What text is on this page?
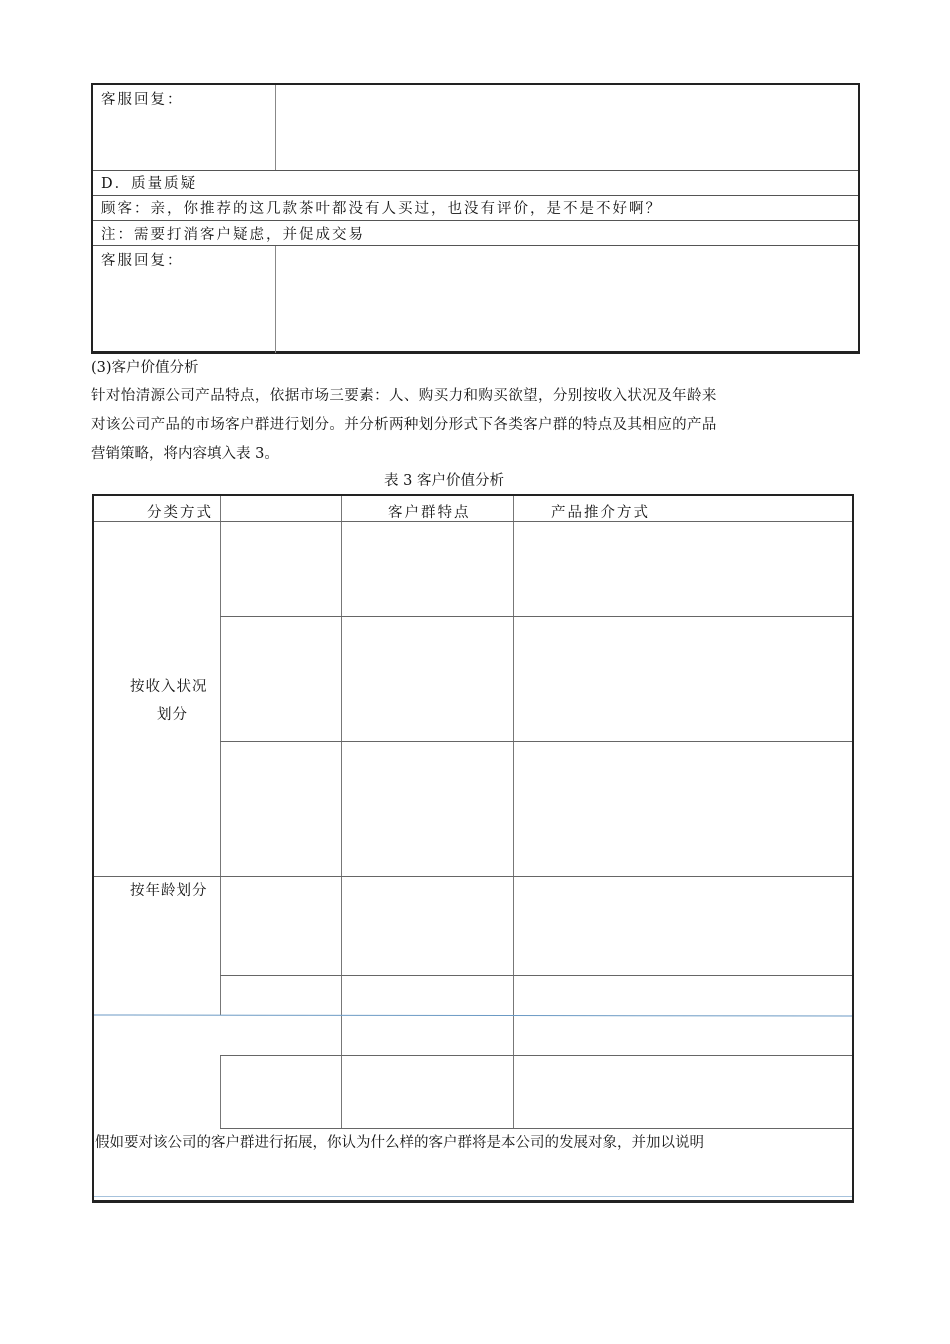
客服回复：
D．质量质疑
顾客：亲，你推荐的这几款茶叶都没有人买过，也没有评价，是不是不好啊？
注：需要打消客户疑虑，并促成交易
客服回复：
(3)客户价值分析
针对怡清源公司产品特点，依据市场三要素：人、购买力和购买欲望，分别按收入状况及年龄来
对该公司产品的市场客户群进行划分。并分析两种划分形式下各类客户群的特点及其相应的产品
营销策略，将内容填入表 3。
表 3 客户价值分析
分类方式	客户群特点	产品推介方式
按收入状况
划分
按年龄划分
假如要对该公司的客户群进行拓展，你认为什么样的客户群将是本公司的发展对象，并加以说明
